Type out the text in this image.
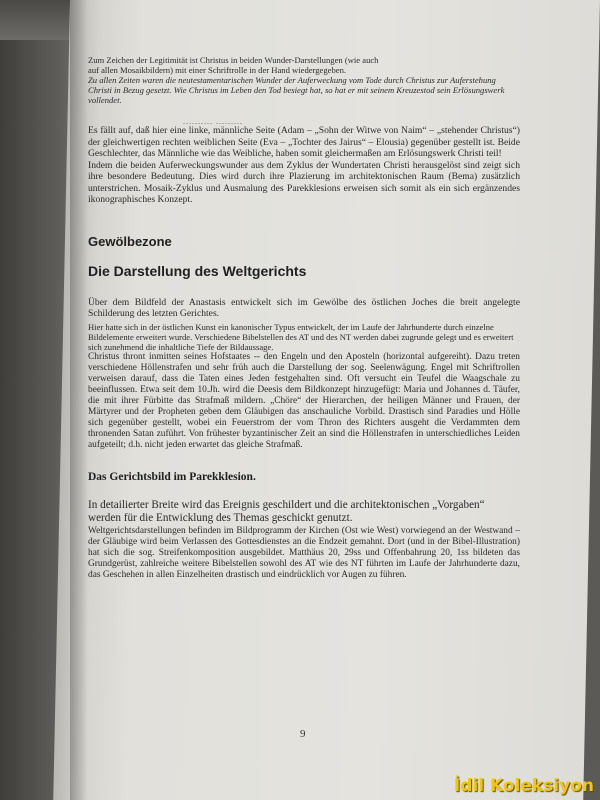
Zum Zeichen der Legitimität ist Christus in beiden Wunder-Darstellungen (wie auch

auf allen Mosaikbildern) mit einer Schriftrolle in der Hand wiedergegeben.

Zu allen Zeiten waren die neutestamentarischen Wunder der Auferweckung vom Tode durch Christus zur Auferstehung Christi in Bezug gesetzt. Wie Christus im Leben den Tod besiegt hat, so hat er mit seinem Kreuzestod sein Erlösungswerk vollendet.

.......... .........

Es fällt auf, daß hier eine linke, männliche Seite (Adam – „Sohn der Witwe von Naim“ – „stehender Christus“) der gleichwertigen rechten weiblichen Seite (Eva – „Tochter des Jairus“ – Elousia) gegenüber gestellt ist. Beide Geschlechter, das Männliche wie das Weibliche, haben somit gleichermaßen am Erlösungswerk Christi teil!

Indem die beiden Auferweckungswunder aus dem Zyklus der Wundertaten Christi herausgelöst sind zeigt sich ihre besondere Bedeutung. Dies wird durch ihre Plazierung im architektonischen Raum (Bema) zusätzlich unterstrichen. Mosaik-Zyklus und Ausmalung des Parekklesions erweisen sich somit als ein sich ergänzendes ikonographisches Konzept.

Gewölbezone
Die Darstellung des Weltgerichts

Über dem Bildfeld der Anastasis entwickelt sich im Gewölbe des östlichen Joches die breit angelegte Schilderung des letzten Gerichtes.

Hier hatte sich in der östlichen Kunst ein kanonischer Typus entwickelt, der im Laufe der Jahrhunderte durch einzelne Bildelemente erweitert wurde. Verschiedene Bibelstellen des AT und des NT werden dabei zugrunde gelegt und es erweitert sich zunehmend die inhaltliche Tiefe der Bildaussage.

Christus thront inmitten seines Hofstaates -- den Engeln und den Aposteln (horizontal aufgereiht). Dazu treten verschiedene Höllenstrafen und sehr früh auch die Darstellung der sog. Seelenwägung. Engel mit Schriftrollen verweisen darauf, dass die Taten eines Jeden festgehalten sind. Oft versucht ein Teufel die Waagschale zu beeinflussen. Etwa seit dem 10.Jh. wird die Deesis dem Bildkonzept hinzugefügt: Maria und Johannes d. Täufer, die mit ihrer Fürbitte das Strafmaß mildern. „Chöre“ der Hierarchen, der heiligen Männer und Frauen, der Märtyrer und der Propheten geben dem Gläubigen das anschauliche Vorbild. Drastisch sind Paradies und Hölle sich gegenüber gestellt, wobei ein Feuerstrom der vom Thron des Richters ausgeht die Verdammten dem thronenden Satan zuführt. Von frühester byzantinischer Zeit an sind die Höllenstrafen in unterschiedliches Leiden aufgeteilt; d.h. nicht jeden erwartet das gleiche Strafmaß.

Das Gerichtsbild im Parekklesion.

In detailierter Breite wird das Ereignis geschildert und die architektonischen „Vorgaben“ werden für die Entwicklung des Themas geschickt genutzt.

Weltgerichtsdarstellungen befinden im Bildprogramm der Kirchen (Ost wie West) vorwiegend an der Westwand – der Gläubige wird beim Verlassen des Gottesdienstes an die Endzeit gemahnt. Dort (und in der Bibel-Illustration) hat sich die sog. Streifenkomposition ausgebildet. Matthäus 20, 29ss und Offenbahrung 20, 1ss bildeten das Grundgerüst, zahlreiche weitere Bibelstellen sowohl des AT wie des NT führten im Laufe der Jahrhunderte dazu, das Geschehen in allen Einzelheiten drastisch und eindrücklich vor Augen zu führen.

9
İdil Koleksiyon
